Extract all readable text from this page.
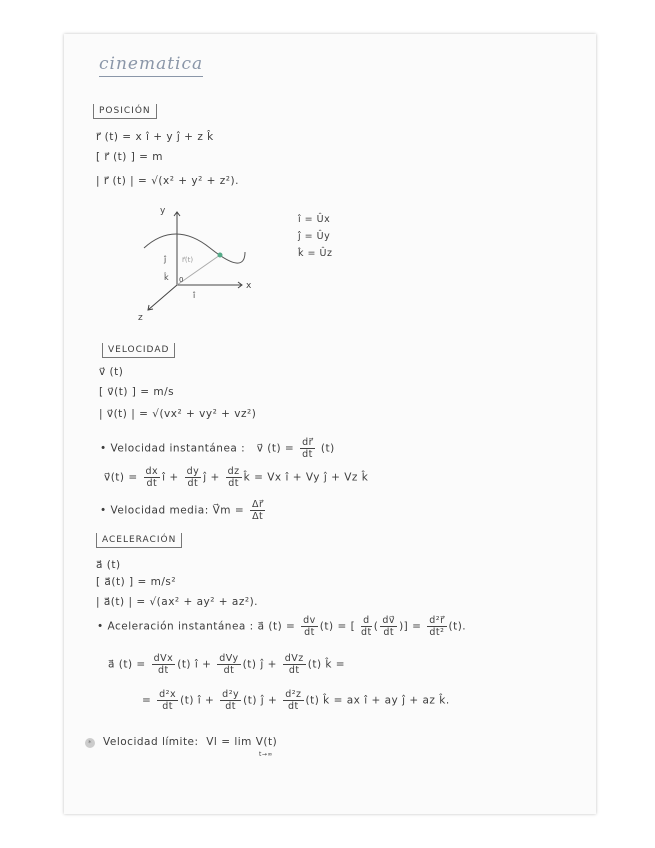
cinematica
POSICIÓN
r⃗ (t) = x î + y ĵ + z k̂
[ r⃗ (t) ] = m
| r⃗ (t) | = √(x² + y² + z²).
y
x
z
0
r⃗(t)
ĵ
k̂
î
î = Ûx
ĵ = Ûy
k̂ = Ûz
VELOCIDAD
v⃗ (t)
[ v⃗(t) ] = m/s
| v⃗(t) | = √(vx² + vy² + vz²)
• Velocidad instantánea : v⃗ $(t) = \frac{dr⃗}{dt} (t)$
v⃗(t) = $\frac{dx}{dt}$ î + $\frac{dy}{dt}$ ĵ + $\frac{dz}{dt}$ k̂ = Vx î + Vy ĵ + Vz k̂
• Velocidad media: V⃗m = $\frac{\Delta r⃗}{\Delta t}$
ACELERACIÓN
a⃗ (t)
[ a⃗(t) ] = m/s²
| a⃗(t) | = √(ax² + ay² + az²).
• Aceleración instantánea : a⃗ $(t) = \frac{dv}{dt} (t)$ = [ $\frac{d}{dt}$ ( $\frac{dv⃗}{dt}$ )] = $\frac{\text{d²r⃗}}{\text{dt²}} (t)$.
a⃗ $(t) = \frac{\text{dVx}}{dt} (t)$ î + $\frac{\text{dVy}}{dt} (t)$ ĵ + $\frac{\text{dVz}}{dt} (t)$ k̂ =
= $\frac{\text{d²x}}{dt} (t)$ î + $\frac{\text{d²y}}{dt} (t)$ ĵ + $\frac{\text{d²z}}{dt} (t)$ k̂ = ax î + ay ĵ + az k̂.
* Velocidad límite: Vl = lim V(t)
t→∞
